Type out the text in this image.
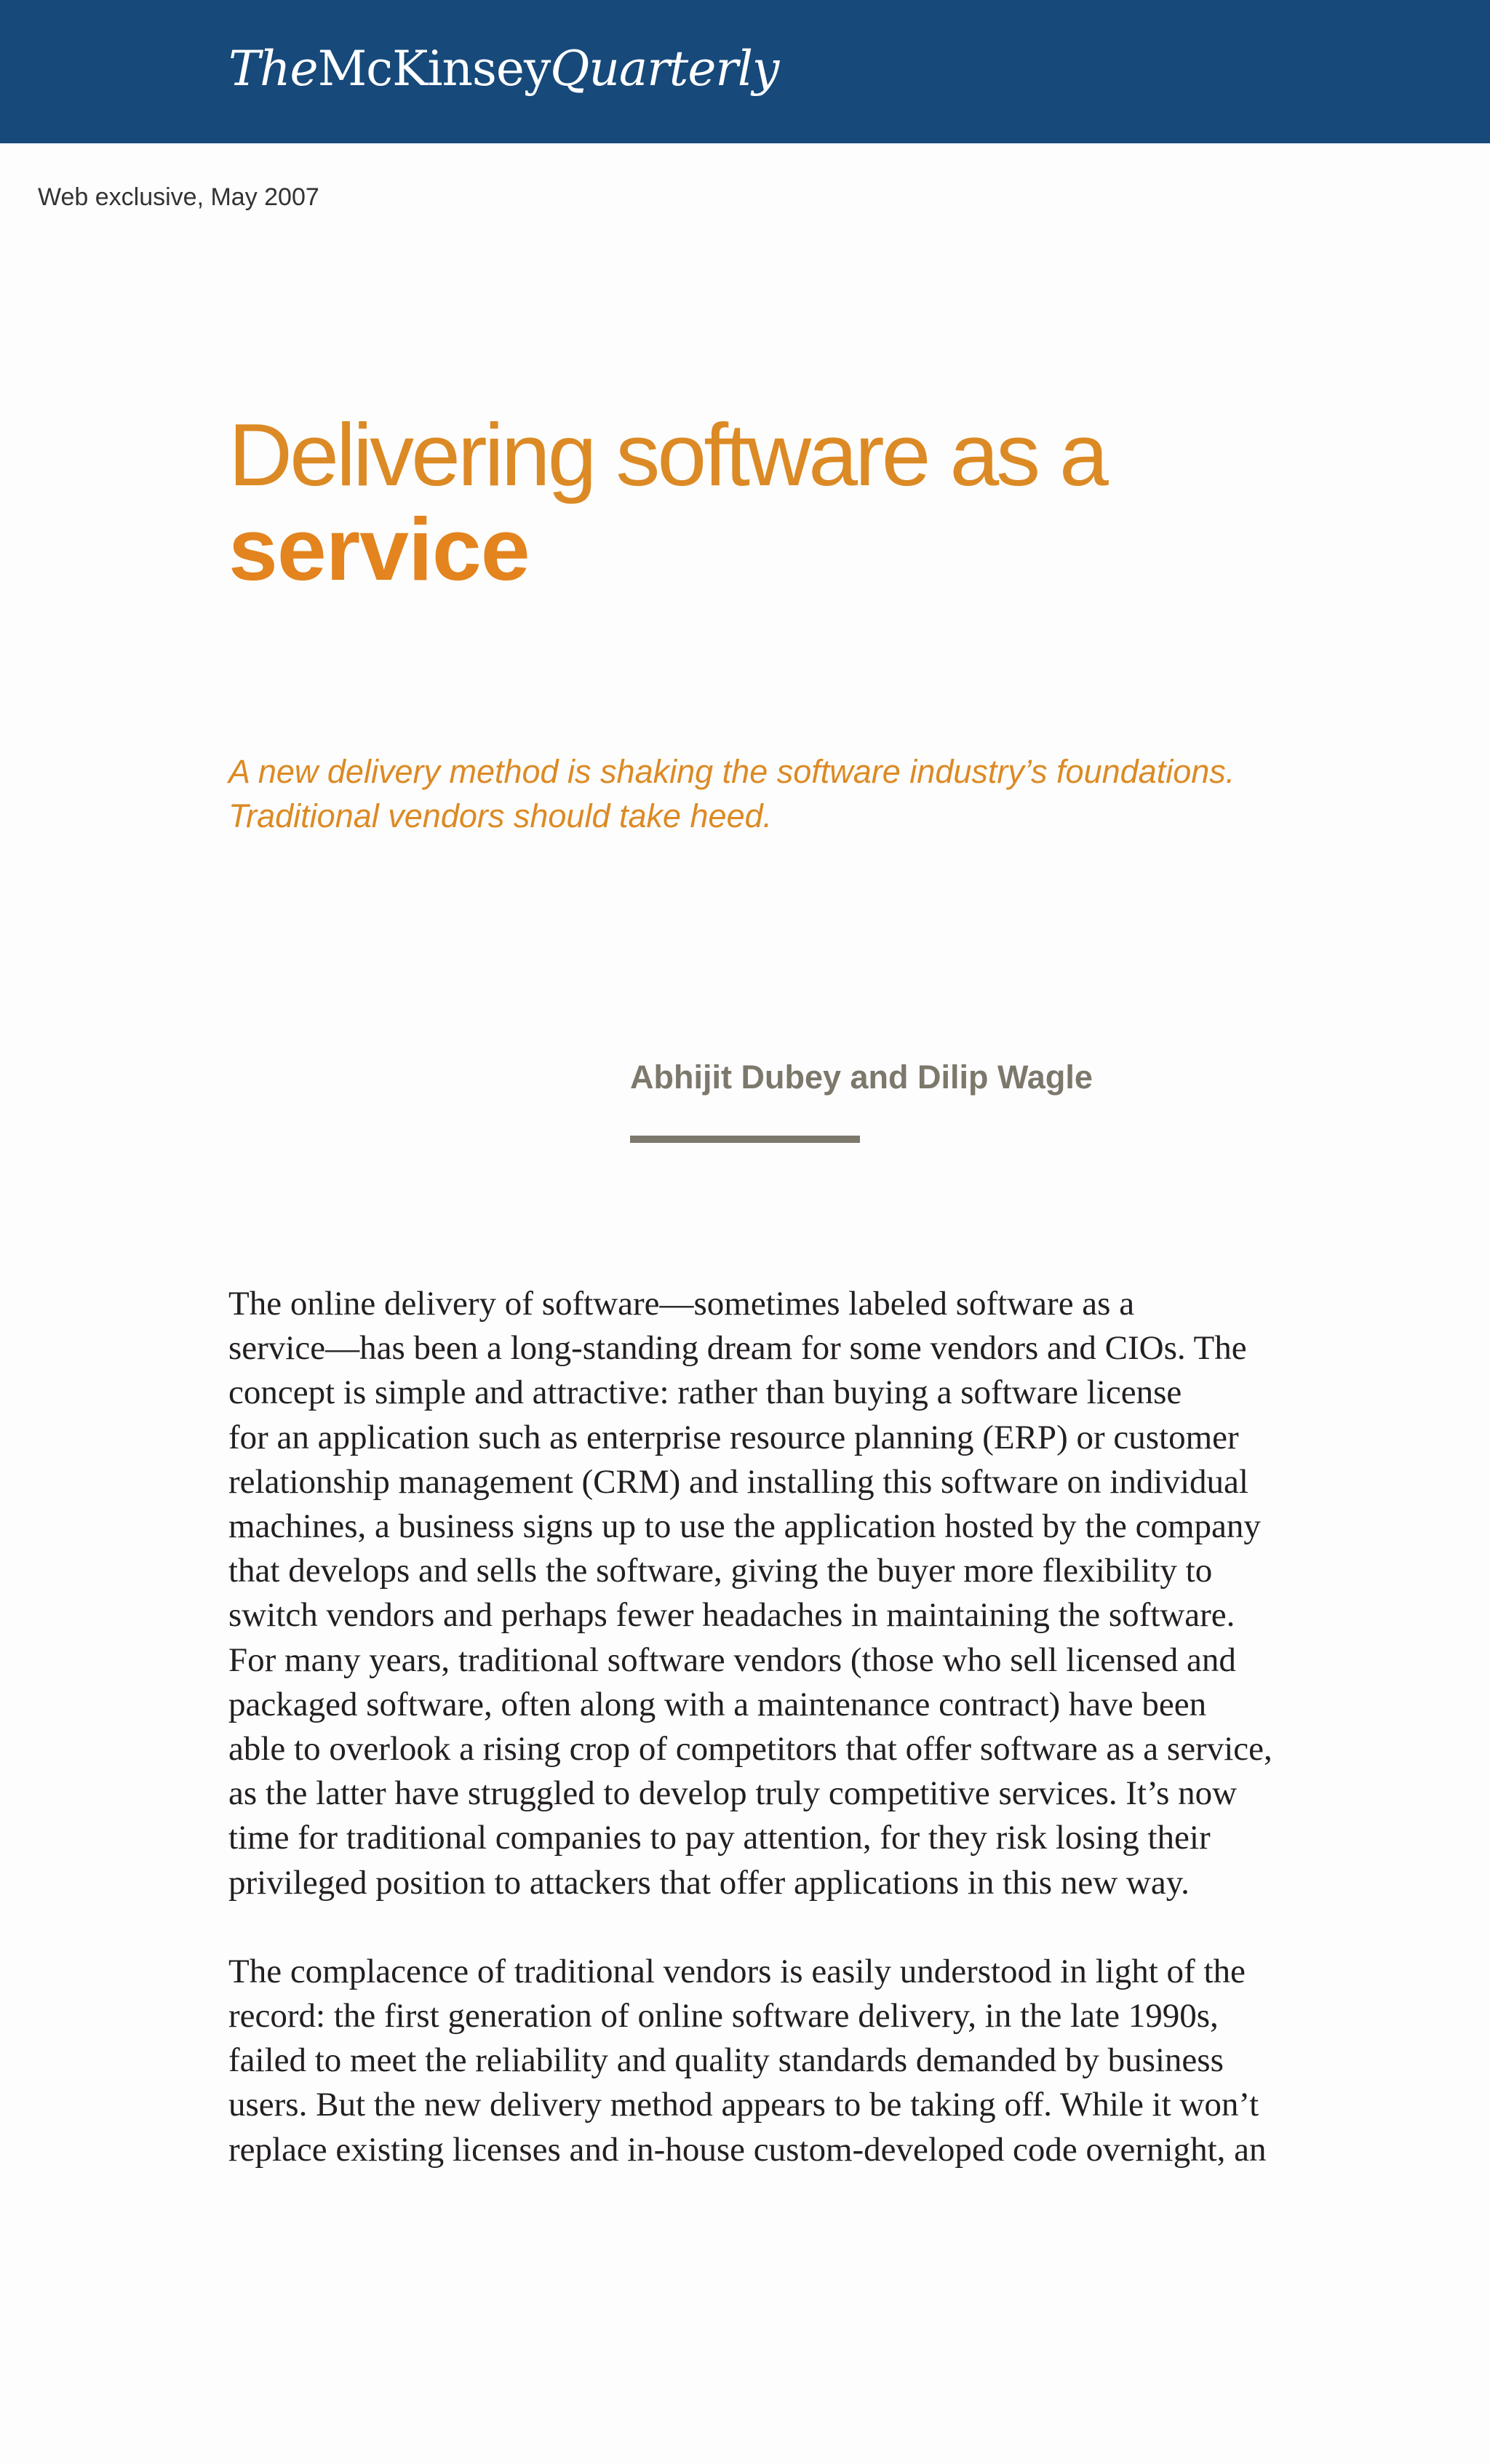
TheMcKinseyQuarterly
Web exclusive, May 2007
Delivering software as a
service
A new delivery method is shaking the software industry’s foundations.
Traditional vendors should take heed.
Abhijit Dubey and Dilip Wagle

The online delivery of software—sometimes labeled software as a
service—has been a long-standing dream for some vendors and CIOs. The
concept is simple and attractive: rather than buying a software license
for an application such as enterprise resource planning (ERP) or customer
relationship management (CRM) and installing this software on individual
machines, a business signs up to use the application hosted by the company
that develops and sells the software, giving the buyer more flexibility to
switch vendors and perhaps fewer headaches in maintaining the software.
For many years, traditional software vendors (those who sell licensed and
packaged software, often along with a maintenance contract) have been
able to overlook a rising crop of competitors that offer software as a service,
as the latter have struggled to develop truly competitive services. It’s now
time for traditional companies to pay attention, for they risk losing their
privileged position to attackers that offer applications in this new way.

The complacence of traditional vendors is easily understood in light of the
record: the first generation of online software delivery, in the late 1990s,
failed to meet the reliability and quality standards demanded by business
users. But the new delivery method appears to be taking off. While it won’t
replace existing licenses and in-house custom-developed code overnight, an
